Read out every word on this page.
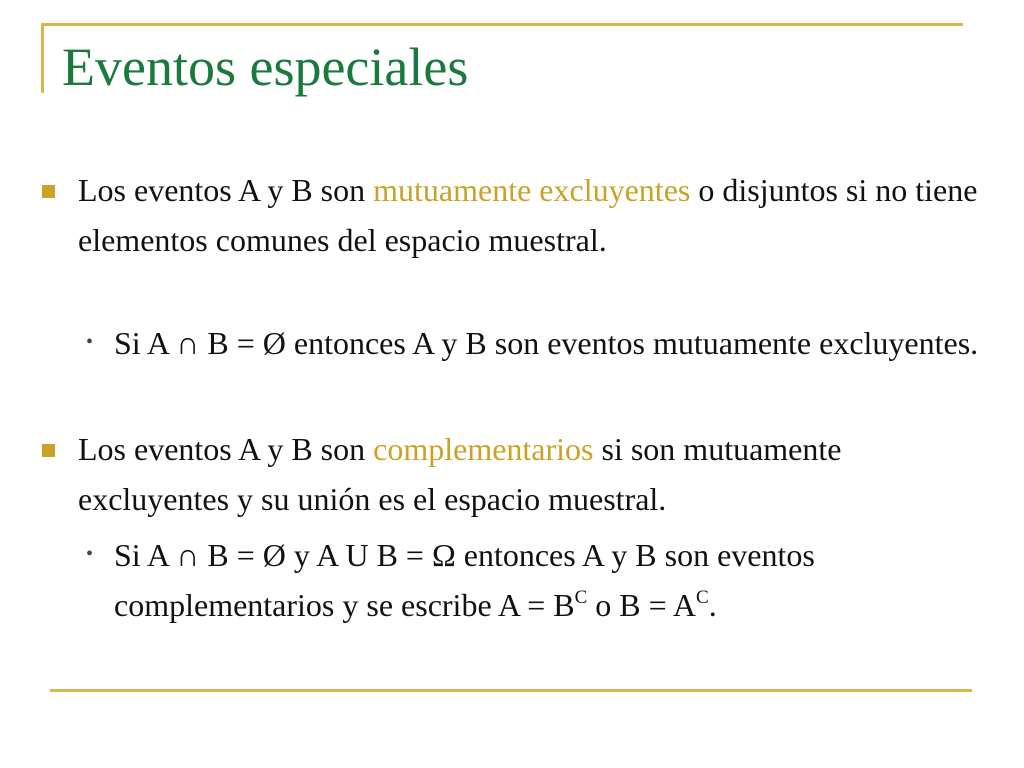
Eventos especiales

Los eventos A y B son mutuamente excluyentes o disjuntos si no tiene elementos comunes del espacio muestral.

• Si A ∩ B = Ø entonces A y B son eventos mutuamente excluyentes.

Los eventos A y B son complementarios si son mutuamente excluyentes y su unión es el espacio muestral.

• Si A ∩ B = Ø y A U B = Ω entonces A y B son eventos complementarios y se escribe $A = B^C$ o $B = A^C$.
